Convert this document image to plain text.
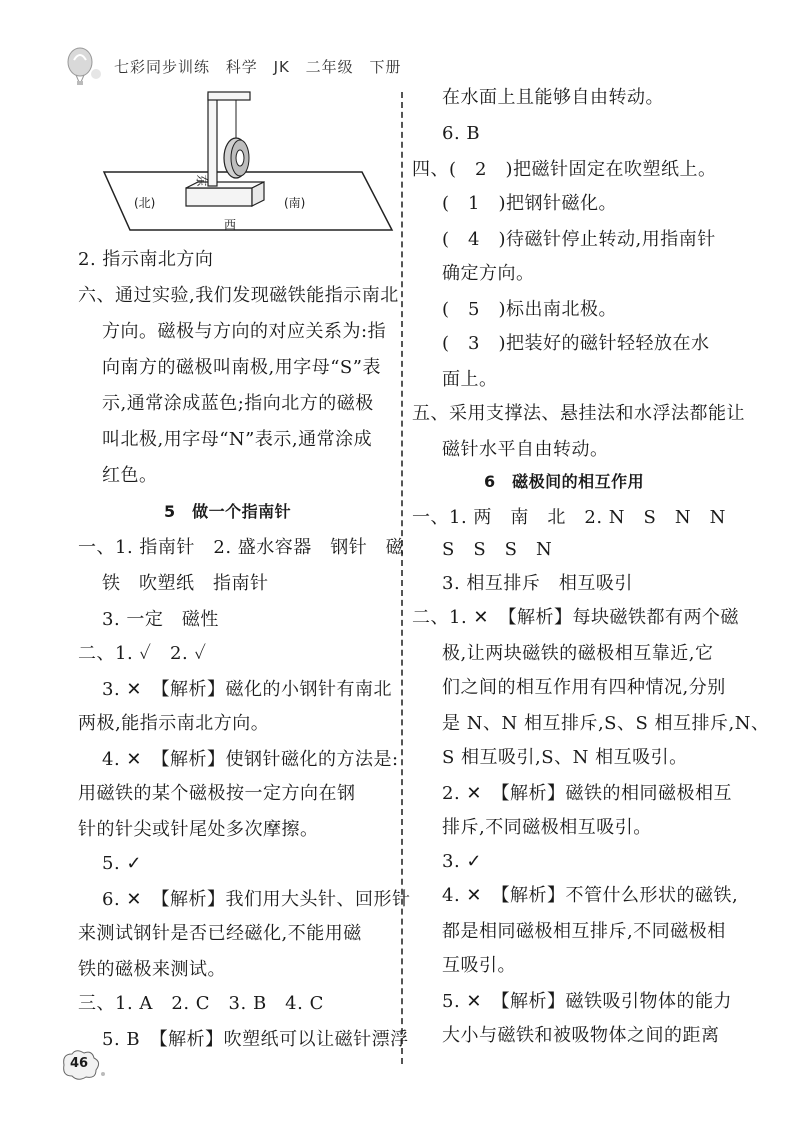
七彩同步训练 科学 JK 二年级 下册
(北)	(南)
东
西
2. 指示南北方向
六、通过实验,我们发现磁铁能指示南北
方向。磁极与方向的对应关系为:指
向南方的磁极叫南极,用字母“S”表
示,通常涂成蓝色;指向北方的磁极
叫北极,用字母“N”表示,通常涂成
红色。
5　做一个指南针
一、1. 指南针　2. 盛水容器　钢针　磁
铁　吹塑纸　指南针
3. 一定　磁性
二、1. ✓　2. ✓
3. ✕　【解析】磁化的小钢针有南北
两极,能指示南北方向。
4. ✕　【解析】使钢针磁化的方法是:
用磁铁的某个磁极按一定方向在钢
针的针尖或针尾处多次摩擦。
5. ✓
6. ✕　【解析】我们用大头针、回形针
来测试钢针是否已经磁化,不能用磁
铁的磁极来测试。
三、1. A　2. C　3. B　4. C
5. B　【解析】吹塑纸可以让磁针漂浮
在水面上且能够自由转动。
6. B
四、(　2　)把磁针固定在吹塑纸上。
(　1　)把钢针磁化。
(　4　)待磁针停止转动,用指南针
确定方向。
(　5　)标出南北极。
(　3　)把装好的磁针轻轻放在水
面上。
五、采用支撑法、悬挂法和水浮法都能让
磁针水平自由转动。
6　磁极间的相互作用
一、1. 两　南　北　2. N　S　N　N
S　S　S　N
3. 相互排斥　相互吸引
二、1. ✕　【解析】每块磁铁都有两个磁
极,让两块磁铁的磁极相互靠近,它
们之间的相互作用有四种情况,分别
是 N、N 相互排斥,S、S 相互排斥,N、
S 相互吸引,S、N 相互吸引。
2. ✕　【解析】磁铁的相同磁极相互
排斥,不同磁极相互吸引。
3. ✓
4. ✕　【解析】不管什么形状的磁铁,
都是相同磁极相互排斥,不同磁极相
互吸引。
5. ✕　【解析】磁铁吸引物体的能力
大小与磁铁和被吸物体之间的距离
46
